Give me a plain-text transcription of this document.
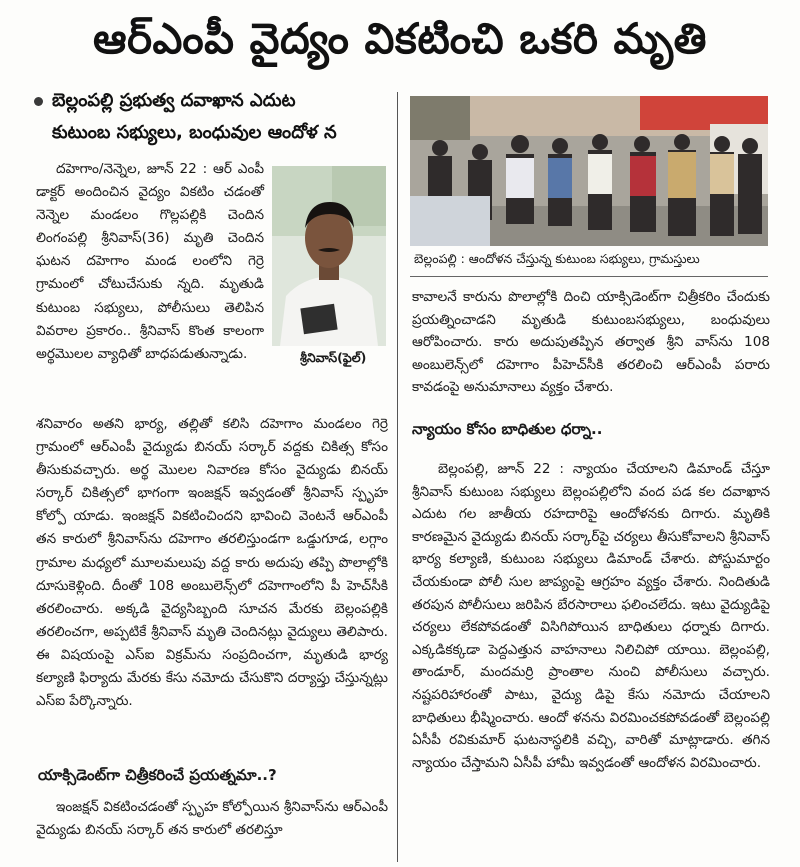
ఆర్ఎంపీ వైద్యం వికటించి ఒకరి మృతి
బెల్లంపల్లి ప్రభుత్వ దవాఖాన ఎదుట
కుటుంబ సభ్యులు, బంధువుల ఆందోళ న
శ్రీనివాస్(ఫైల్)
దహెగాం/నెన్నెల, జూన్ 22 : ఆర్ ఎంపీ డాక్టర్ అందించిన వైద్యం వికటిం చడంతో నెన్నెల మండలం గొల్లపల్లికి చెందిన లింగంపల్లి శ్రీనివాస్(36) మృతి చెందిన ఘటన దహెగాం మండ లంలోని గెర్రె గ్రామంలో చోటుచేసుకు న్నది. మృతుడి కుటుంబ సభ్యులు, పోలీసులు తెలిపిన వివరాల ప్రకారం.. శ్రీనివాస్ కొంత కాలంగా అర్థమొలల వ్యాధితో బాధపడుతున్నాడు.
శనివారం అతని భార్య, తల్లితో కలిసి దహెగాం మండలం గెర్రె గ్రామంలో ఆర్ఎంపీ వైద్యుడు బినయ్ సర్కార్ వద్దకు చికిత్స కోసం తీసుకువచ్చారు. అర్థ మొలల నివారణ కోసం వైద్యుడు బినయ్ సర్కార్ చికిత్సలో భాగంగా ఇంజక్షన్ ఇవ్వడంతో శ్రీనివాస్ స్పృహ కోల్పో యాడు. ఇంజక్షన్ వికటించిందని భావించి వెంటనే ఆర్ఎంపీ తన కారులో శ్రీనివాస్‌ను దహెగాం తరలిస్తుండగా ఒడ్డుగూడ, లగ్గాం గ్రామాల మధ్యలో మూలమలుపు వద్ద కారు అదుపు తప్పి పొలాల్లోకి దూసుకెళ్లింది. దీంతో 108 అంబులెన్స్‌లో దహెగాంలోని పీ హెచ్‌సీకి తరలించారు. అక్కడి వైద్యసిబ్బంది సూచన మేరకు బెల్లంపల్లికి తరలించగా, అప్పటికే శ్రీనివాస్ మృతి చెందినట్లు వైద్యులు తెలిపారు. ఈ విషయంపై ఎస్ఐ విక్రమ్‌ను సంప్రదించగా, మృతుడి భార్య కల్యాణి ఫిర్యాదు మేరకు కేసు నమోదు చేసుకొని దర్యాప్తు చేస్తున్నట్లు ఎస్ఐ పేర్కొన్నారు.
యాక్సిడెంట్‌గా చిత్రీకరించే ప్రయత్నమా..?
ఇంజక్షన్ వికటించడంతో స్పృహ కోల్పోయిన శ్రీనివాస్‌ను ఆర్ఎంపీ వైద్యుడు బినయ్ సర్కార్ తన కారులో తరలిస్తూ
బెల్లంపల్లి : ఆందోళన చేస్తున్న కుటుంబ సభ్యులు, గ్రామస్తులు
కావాలనే కారును పొలాల్లోకి దించి యాక్సిడెంట్‌గా చిత్రీకరిం చేందుకు ప్రయత్నించాడని మృతుడి కుటుంబసభ్యులు, బంధువులు ఆరోపించారు. కారు అదుపుతప్పిన తర్వాత శ్రీని వాస్‌ను 108 అంబులెన్స్‌లో దహెగాం పీహెచ్‌సీకి తరలించి ఆర్ఎంపీ పరారు కావడంపై అనుమానాలు వ్యక్తం చేశారు.
న్యాయం కోసం బాధితుల ధర్నా..
బెల్లంపల్లి, జూన్ 22 : న్యాయం చేయాలని డిమాండ్ చేస్తూ శ్రీనివాస్ కుటుంబ సభ్యులు బెల్లంపల్లిలోని వంద పడ కల దవాఖాన ఎదుట గల జాతీయ రహదారిపై ఆందోళనకు దిగారు. మృతికి కారణమైన వైద్యుడు బినయ్ సర్కార్‌పై చర్యలు తీసుకోవాలని శ్రీనివాస్ భార్య కల్యాణి, కుటుంబ సభ్యులు డిమాండ్ చేశారు. పోస్టుమార్టం చేయకుండా పోలీ సుల జాప్యంపై ఆగ్రహం వ్యక్తం చేశారు. నిందితుడి తరపున పోలీసులు జరిపిన బేరసారాలు ఫలించలేదు. ఇటు వైద్యుడిపై చర్యలు లేకపోవడంతో విసిగిపోయిన బాధితులు ధర్నాకు దిగారు. ఎక్కడికక్కడా పెద్దఎత్తున వాహనాలు నిలిచిపో యాయి. బెల్లంపల్లి, తాండూర్, మందమర్రి ప్రాంతాల నుంచి పోలీసులు వచ్చారు. నష్టపరిహారంతో పాటు, వైద్యు డిపై కేసు నమోదు చేయాలని బాధితులు భీష్మించారు. ఆందో ళనను విరమించకపోవడంతో బెల్లంపల్లి ఏసీపీ రవికుమార్ ఘటనాస్థలికి వచ్చి, వారితో మాట్లాడారు. తగిన న్యాయం చేస్తామని ఏసీపీ హామీ ఇవ్వడంతో ఆందోళన విరమించారు.
